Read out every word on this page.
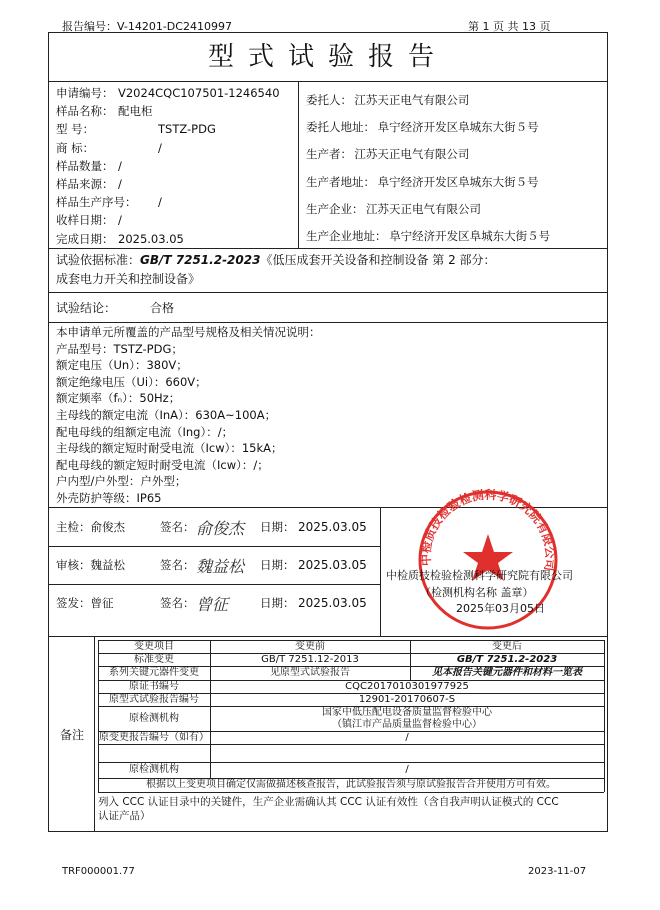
报告编号：V-14201-DC2410997	第 1 页 共 13 页
型式试验报告
试验依据标准：GB/T 7251.2-2023《低压成套开关设备和控制设备 第 2 部分：
成套电力开关和控制设备》
试验结论：	合格
中检质技检验检测科学研究院有限公司
中检质技检验检测科学研究院有限公司
（检测机构名称 盖章）
2025年03月05日
备注
TRF000001.77	2023-11-07
申请编号： V2024CQC107501-1246540
样品名称： 配电柜
型 号：	TSTZ-PDG
商 标：	/
样品数量： /
样品来源： /
样品生产序号： /
收样日期： /
完成日期： 2025.03.05
委托人： 江苏天正电气有限公司
委托人地址： 阜宁经济开发区阜城东大街５号
生产者： 江苏天正电气有限公司
生产者地址： 阜宁经济开发区阜城东大街５号
生产企业： 江苏天正电气有限公司
生产企业地址： 阜宁经济开发区阜城东大街５号
本申请单元所覆盖的产品型号规格及相关情况说明：
产品型号：TSTZ-PDG；
额定电压（Un）：380V；
额定绝缘电压（Ui）：660V；
额定频率（fₙ）：50Hz；
主母线的额定电流（InA）：630A~100A；
配电母线的组额定电流（Ing）：/；
主母线的额定短时耐受电流（Icw）：15kA；
配电母线的额定短时耐受电流（Icw）：/；
户内型/户外型：户外型；
外壳防护等级：IP65
主检：俞俊杰	签名： 俞俊杰 日期： 2025.03.05
审核：魏益松	签名： 魏益松 日期： 2025.03.05
签发：曾征	签名： 曾征	日期： 2025.03.05
变更项目	变更前	变更后
标准变更	GB/T 7251.12-2013	GB/T 7251.2-2023
系列关键元器件变更	见原型式试验报告	见本报告关键元器件和材料一览表
原证书编号	CQC2017010301977925
原型式试验报告编号	12901-20170607-S
原检测机构
国家中低压配电设备质量监督检验中心
（镇江市产品质量监督检验中心）
原变更报告编号（如有）	/
原检测机构	/
根据以上变更项目确定仅需做描述核查报告，此试验报告须与原试验报告合并使用方可有效。
列入 CCC 认证目录中的关键件，生产企业需确认其 CCC 认证有效性（含自我声明认证模式的 CCC
认证产品）
